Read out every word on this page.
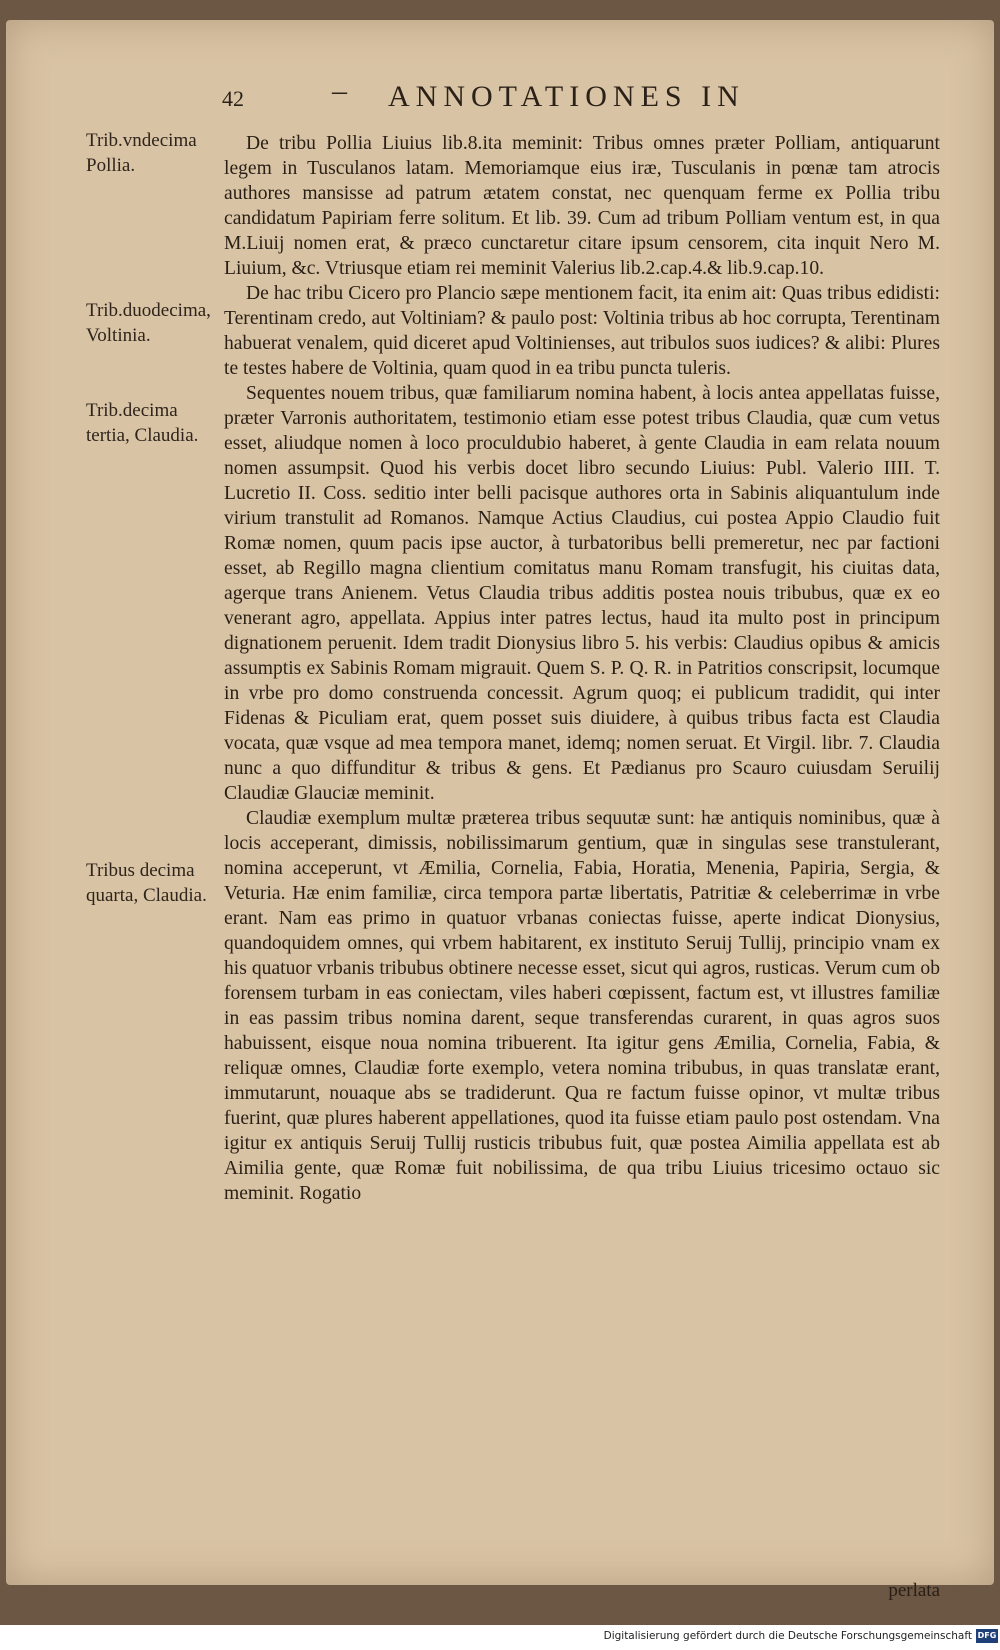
42	– ANNOTATIONES IN
Trib.vndecima Pollia.
Trib.duodecima, Voltinia.
Trib.decima tertia, Claudia.
Tribus decima quarta, Claudia.

De tribu Pollia Liuius lib.8.ita meminit: Tribus omnes præter Polliam, antiquarunt legem in Tusculanos latam. Memoriamque eius iræ, Tusculanis in pœnæ tam atrocis authores mansisse ad patrum ætatem constat, nec quenquam ferme ex Pollia tribu candidatum Papiriam ferre solitum. Et lib. 39. Cum ad tribum Polliam ventum est, in qua M.Liuij nomen erat, & præco cunctaretur citare ipsum censorem, cita inquit Nero M. Liuium, &c. Vtriusque etiam rei meminit Valerius lib.2.cap.4.& lib.9.cap.10.

De hac tribu Cicero pro Plancio sæpe mentionem facit, ita enim ait: Quas tribus edidisti: Terentinam credo, aut Voltiniam? & paulo post: Voltinia tribus ab hoc corrupta, Terentinam habuerat venalem, quid diceret apud Voltinienses, aut tribulos suos iudices? & alibi: Plures te testes habere de Voltinia, quam quod in ea tribu puncta tuleris.

Sequentes nouem tribus, quæ familiarum nomina habent, à locis antea appellatas fuisse, præter Varronis authoritatem, testimonio etiam esse potest tribus Claudia, quæ cum vetus esset, aliudque nomen à loco proculdubio haberet, à gente Claudia in eam relata nouum nomen assumpsit. Quod his verbis docet libro secundo Liuius: Publ. Valerio IIII. T. Lucretio II. Coss. seditio inter belli pacisque authores orta in Sabinis aliquantulum inde virium transtulit ad Romanos. Namque Actius Claudius, cui postea Appio Claudio fuit Romæ nomen, quum pacis ipse auctor, à turbatoribus belli premeretur, nec par factioni esset, ab Regillo magna clientium comitatus manu Romam transfugit, his ciuitas data, agerque trans Anienem. Vetus Claudia tribus additis postea nouis tribubus, quæ ex eo venerant agro, appellata. Appius inter patres lectus, haud ita multo post in principum dignationem peruenit. Idem tradit Dionysius libro 5. his verbis: Claudius opibus & amicis assumptis ex Sabinis Romam migrauit. Quem S. P. Q. R. in Patritios conscripsit, locumque in vrbe pro domo construenda concessit. Agrum quoq; ei publicum tradidit, qui inter Fidenas & Piculiam erat, quem posset suis diuidere, à quibus tribus facta est Claudia vocata, quæ vsque ad mea tempora manet, idemq; nomen seruat. Et Virgil. libr. 7. Claudia nunc a quo diffunditur & tribus & gens. Et Pædianus pro Scauro cuiusdam Seruilij Claudiæ Glauciæ meminit.

Claudiæ exemplum multæ præterea tribus sequutæ sunt: hæ antiquis nominibus, quæ à locis acceperant, dimissis, nobilissimarum gentium, quæ in singulas sese transtulerant, nomina acceperunt, vt Æmilia, Cornelia, Fabia, Horatia, Menenia, Papiria, Sergia, & Veturia. Hæ enim familiæ, circa tempora partæ libertatis, Patritiæ & celeberrimæ in vrbe erant. Nam eas primo in quatuor vrbanas coniectas fuisse, aperte indicat Dionysius, quandoquidem omnes, qui vrbem habitarent, ex instituto Seruij Tullij, principio vnam ex his quatuor vrbanis tribubus obtinere necesse esset, sicut qui agros, rusticas. Verum cum ob forensem turbam in eas coniectam, viles haberi cœpissent, factum est, vt illustres familiæ in eas passim tribus nomina darent, seque transferendas curarent, in quas agros suos habuissent, eisque noua nomina tribuerent. Ita igitur gens Æmilia, Cornelia, Fabia, & reliquæ omnes, Claudiæ forte exemplo, vetera nomina tribubus, in quas translatæ erant, immutarunt, nouaque abs se tradiderunt. Qua re factum fuisse opinor, vt multæ tribus fuerint, quæ plures haberent appellationes, quod ita fuisse etiam paulo post ostendam. Vna igitur ex antiquis Seruij Tullij rusticis tribubus fuit, quæ postea Aimilia appellata est ab Aimilia gente, quæ Romæ fuit nobilissima, de qua tribu Liuius tricesimo octauo sic meminit. Rogatio

perlata
Digitalisierung gefördert durch die Deutsche Forschungsgemeinschaft DFG
